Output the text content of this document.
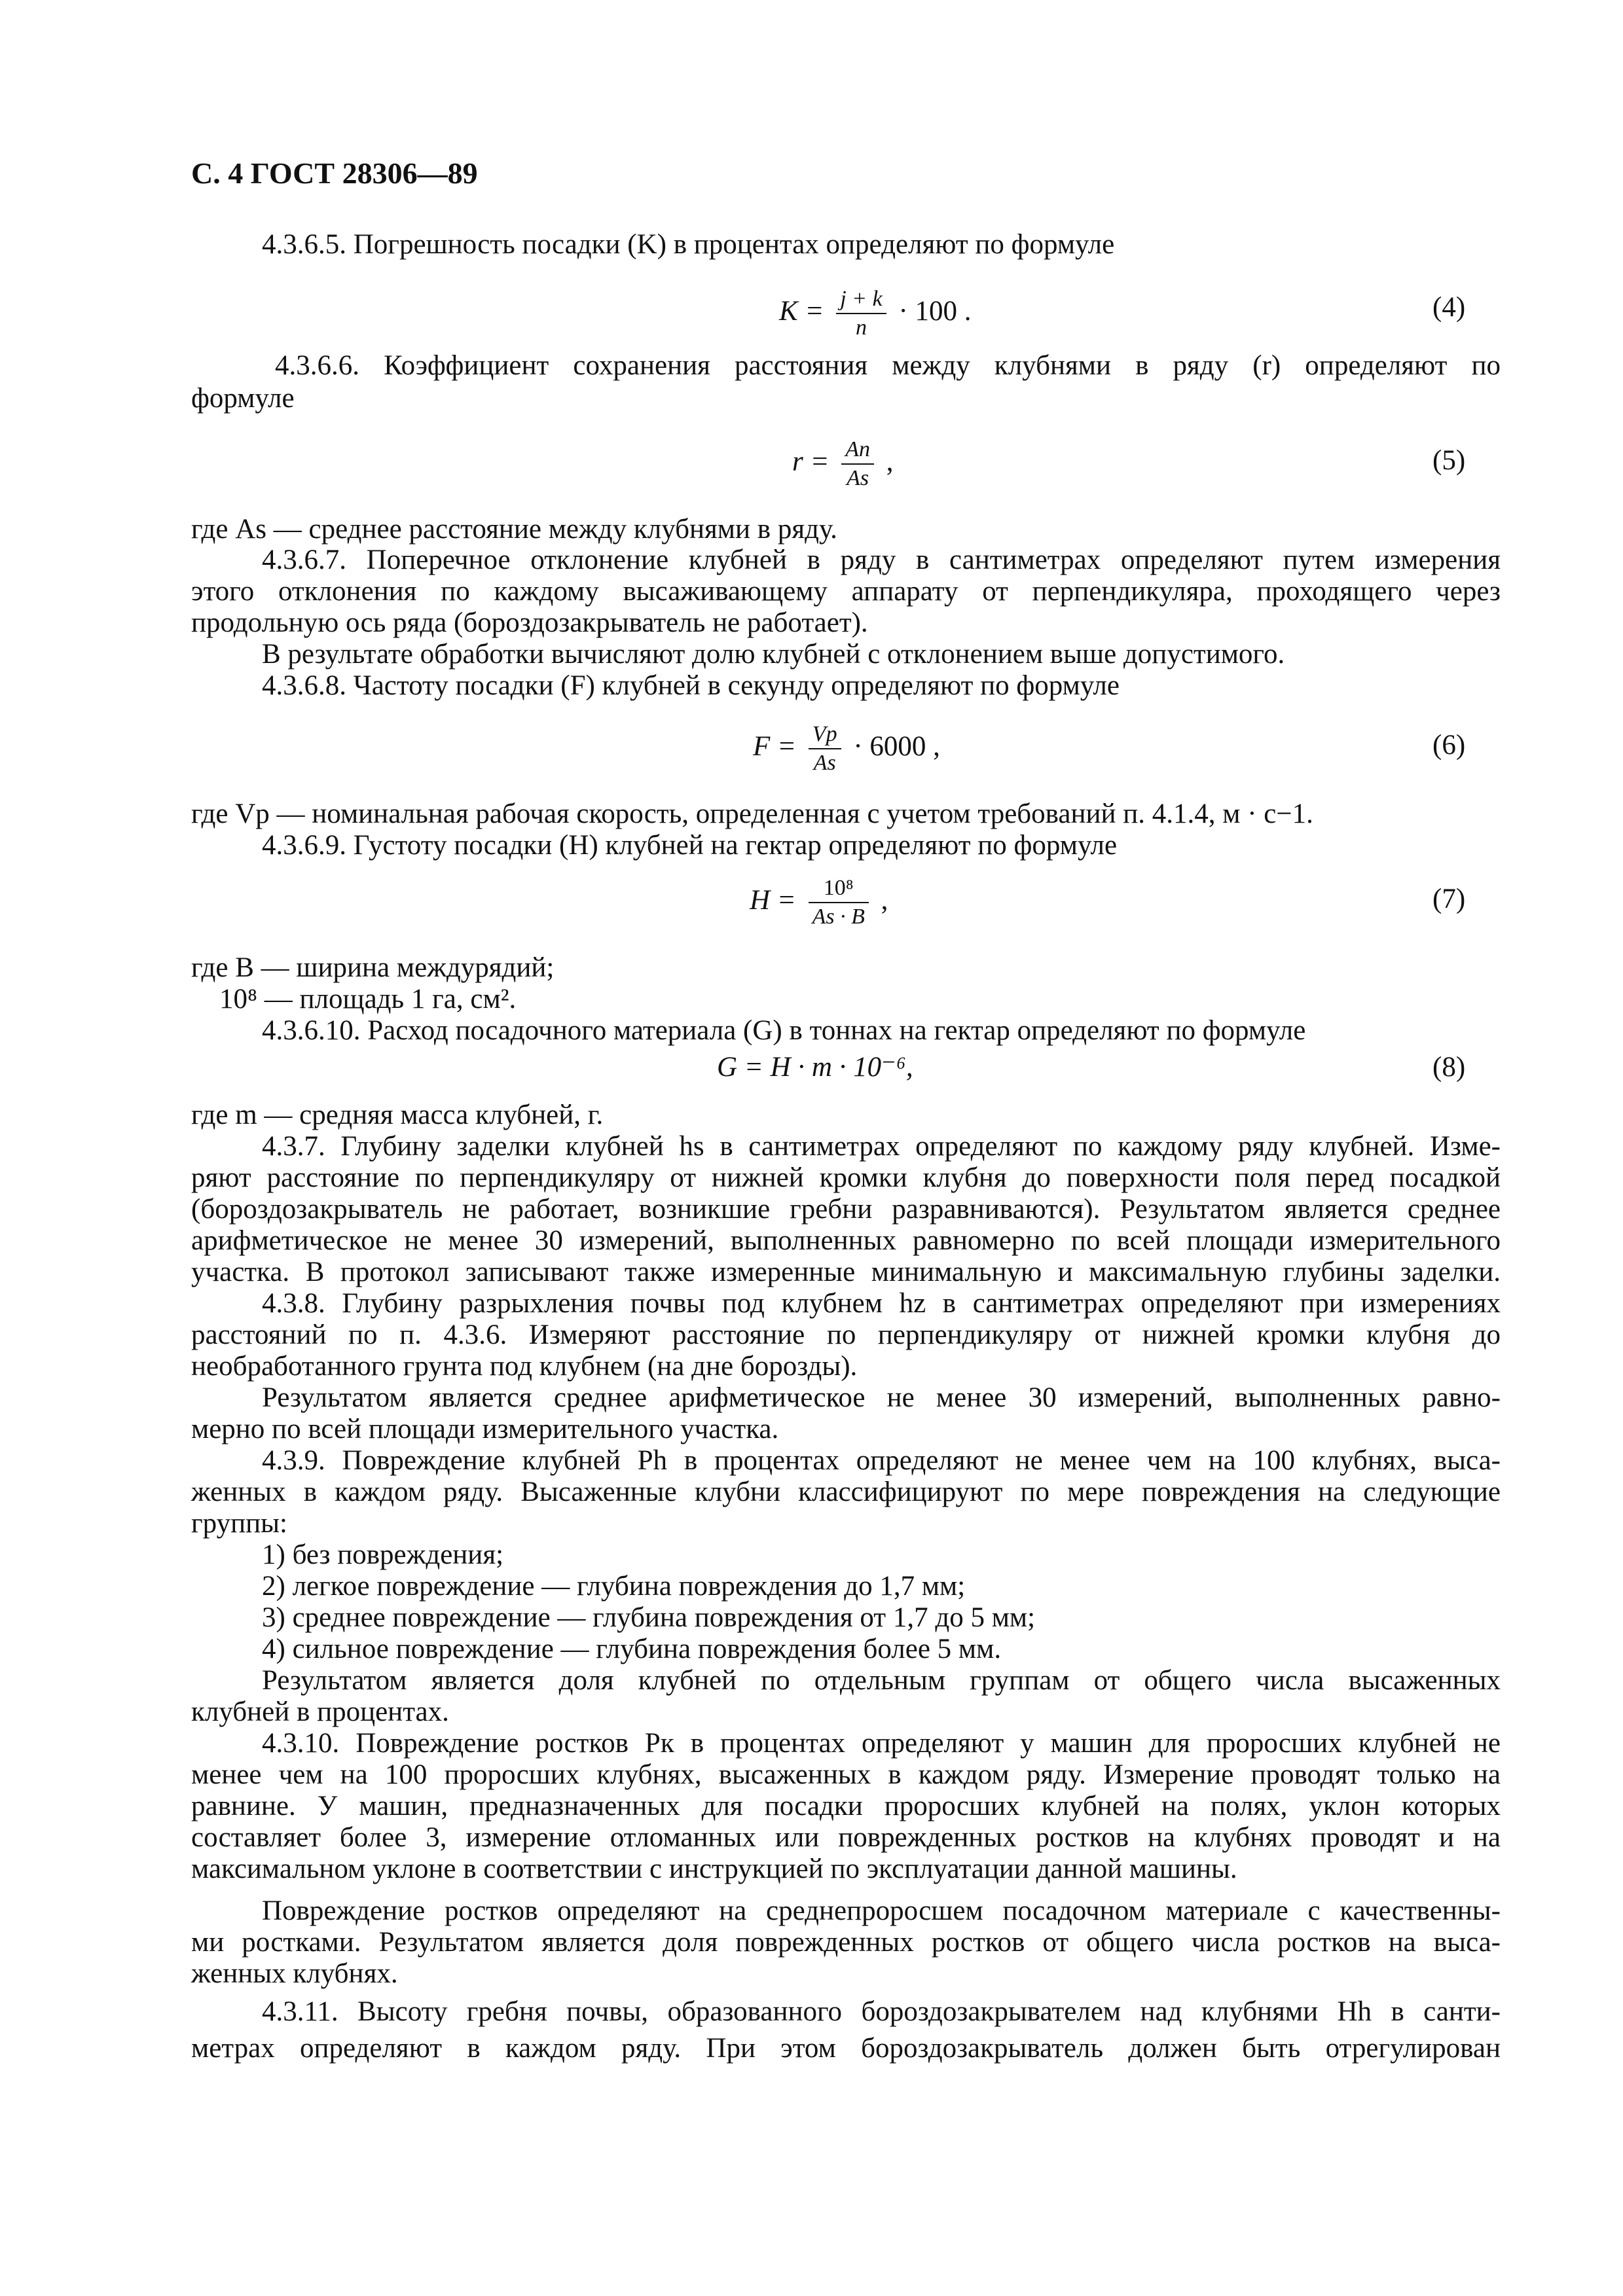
С. 4 ГОСТ 28306—89
4.3.6.5. Погрешность посадки (K) в процентах определяют по формуле
$K = \frac{j + k}{n} \cdot 100$ .	(4)
4.3.6.6. Коэффициент сохранения расстояния между клубнями в ряду (r) определяют по
формуле
$r = \frac{An}{As}$ ,	(5)
где As — среднее расстояние между клубнями в ряду.
4.3.6.7. Поперечное отклонение клубней в ряду в сантиметрах определяют путем измерения
этого отклонения по каждому высаживающему аппарату от перпендикуляра, проходящего через
продольную ось ряда (бороздозакрыватель не работает).
В результате обработки вычисляют долю клубней с отклонением выше допустимого.
4.3.6.8. Частоту посадки (F) клубней в секунду определяют по формуле
$F = \frac{Vp}{As} \cdot 6000$ ,	(6)
где Vр — номинальная рабочая скорость, определенная с учетом требований п. 4.1.4, м · с−1.
4.3.6.9. Густоту посадки (H) клубней на гектар определяют по формуле
$H = \frac{\text{10⁸}}{As \cdot B}$ ,	(7)
где B — ширина междурядий;
10⁸ — площадь 1 га, см².
4.3.6.10. Расход посадочного материала (G) в тоннах на гектар определяют по формуле
G = H · m · 10⁻⁶,	(8)
где m — средняя масса клубней, г.
4.3.7. Глубину заделки клубней hs в сантиметрах определяют по каждому ряду клубней. Изме-
ряют расстояние по перпендикуляру от нижней кромки клубня до поверхности поля перед посадкой
(бороздозакрыватель не работает, возникшие гребни разравниваются). Результатом является среднее
арифметическое не менее 30 измерений, выполненных равномерно по всей площади измерительного
участка. В протокол записывают также измеренные минимальную и максимальную глубины заделки.
4.3.8. Глубину разрыхления почвы под клубнем hz в сантиметрах определяют при измерениях
расстояний по п. 4.3.6. Измеряют расстояние по перпендикуляру от нижней кромки клубня до
необработанного грунта под клубнем (на дне борозды).
Результатом является среднее арифметическое не менее 30 измерений, выполненных равно-
мерно по всей площади измерительного участка.
4.3.9. Повреждение клубней Ph в процентах определяют не менее чем на 100 клубнях, выса-
женных в каждом ряду. Высаженные клубни классифицируют по мере повреждения на следующие
группы:
1) без повреждения;
2) легкое повреждение — глубина повреждения до 1,7 мм;
3) среднее повреждение — глубина повреждения от 1,7 до 5 мм;
4) сильное повреждение — глубина повреждения более 5 мм.
Результатом является доля клубней по отдельным группам от общего числа высаженных
клубней в процентах.
4.3.10. Повреждение ростков Pк в процентах определяют у машин для проросших клубней не
менее чем на 100 проросших клубнях, высаженных в каждом ряду. Измерение проводят только на
равнине. У машин, предназначенных для посадки проросших клубней на полях, уклон которых
составляет более 3, измерение отломанных или поврежденных ростков на клубнях проводят и на
максимальном уклоне в соответствии с инструкцией по эксплуатации данной машины.
Повреждение ростков определяют на среднепроросшем посадочном материале с качественны-
ми ростками. Результатом является доля поврежденных ростков от общего числа ростков на выса-
женных клубнях.
4.3.11. Высоту гребня почвы, образованного бороздозакрывателем над клубнями Hh в санти-
метрах определяют в каждом ряду. При этом бороздозакрыватель должен быть отрегулирован
